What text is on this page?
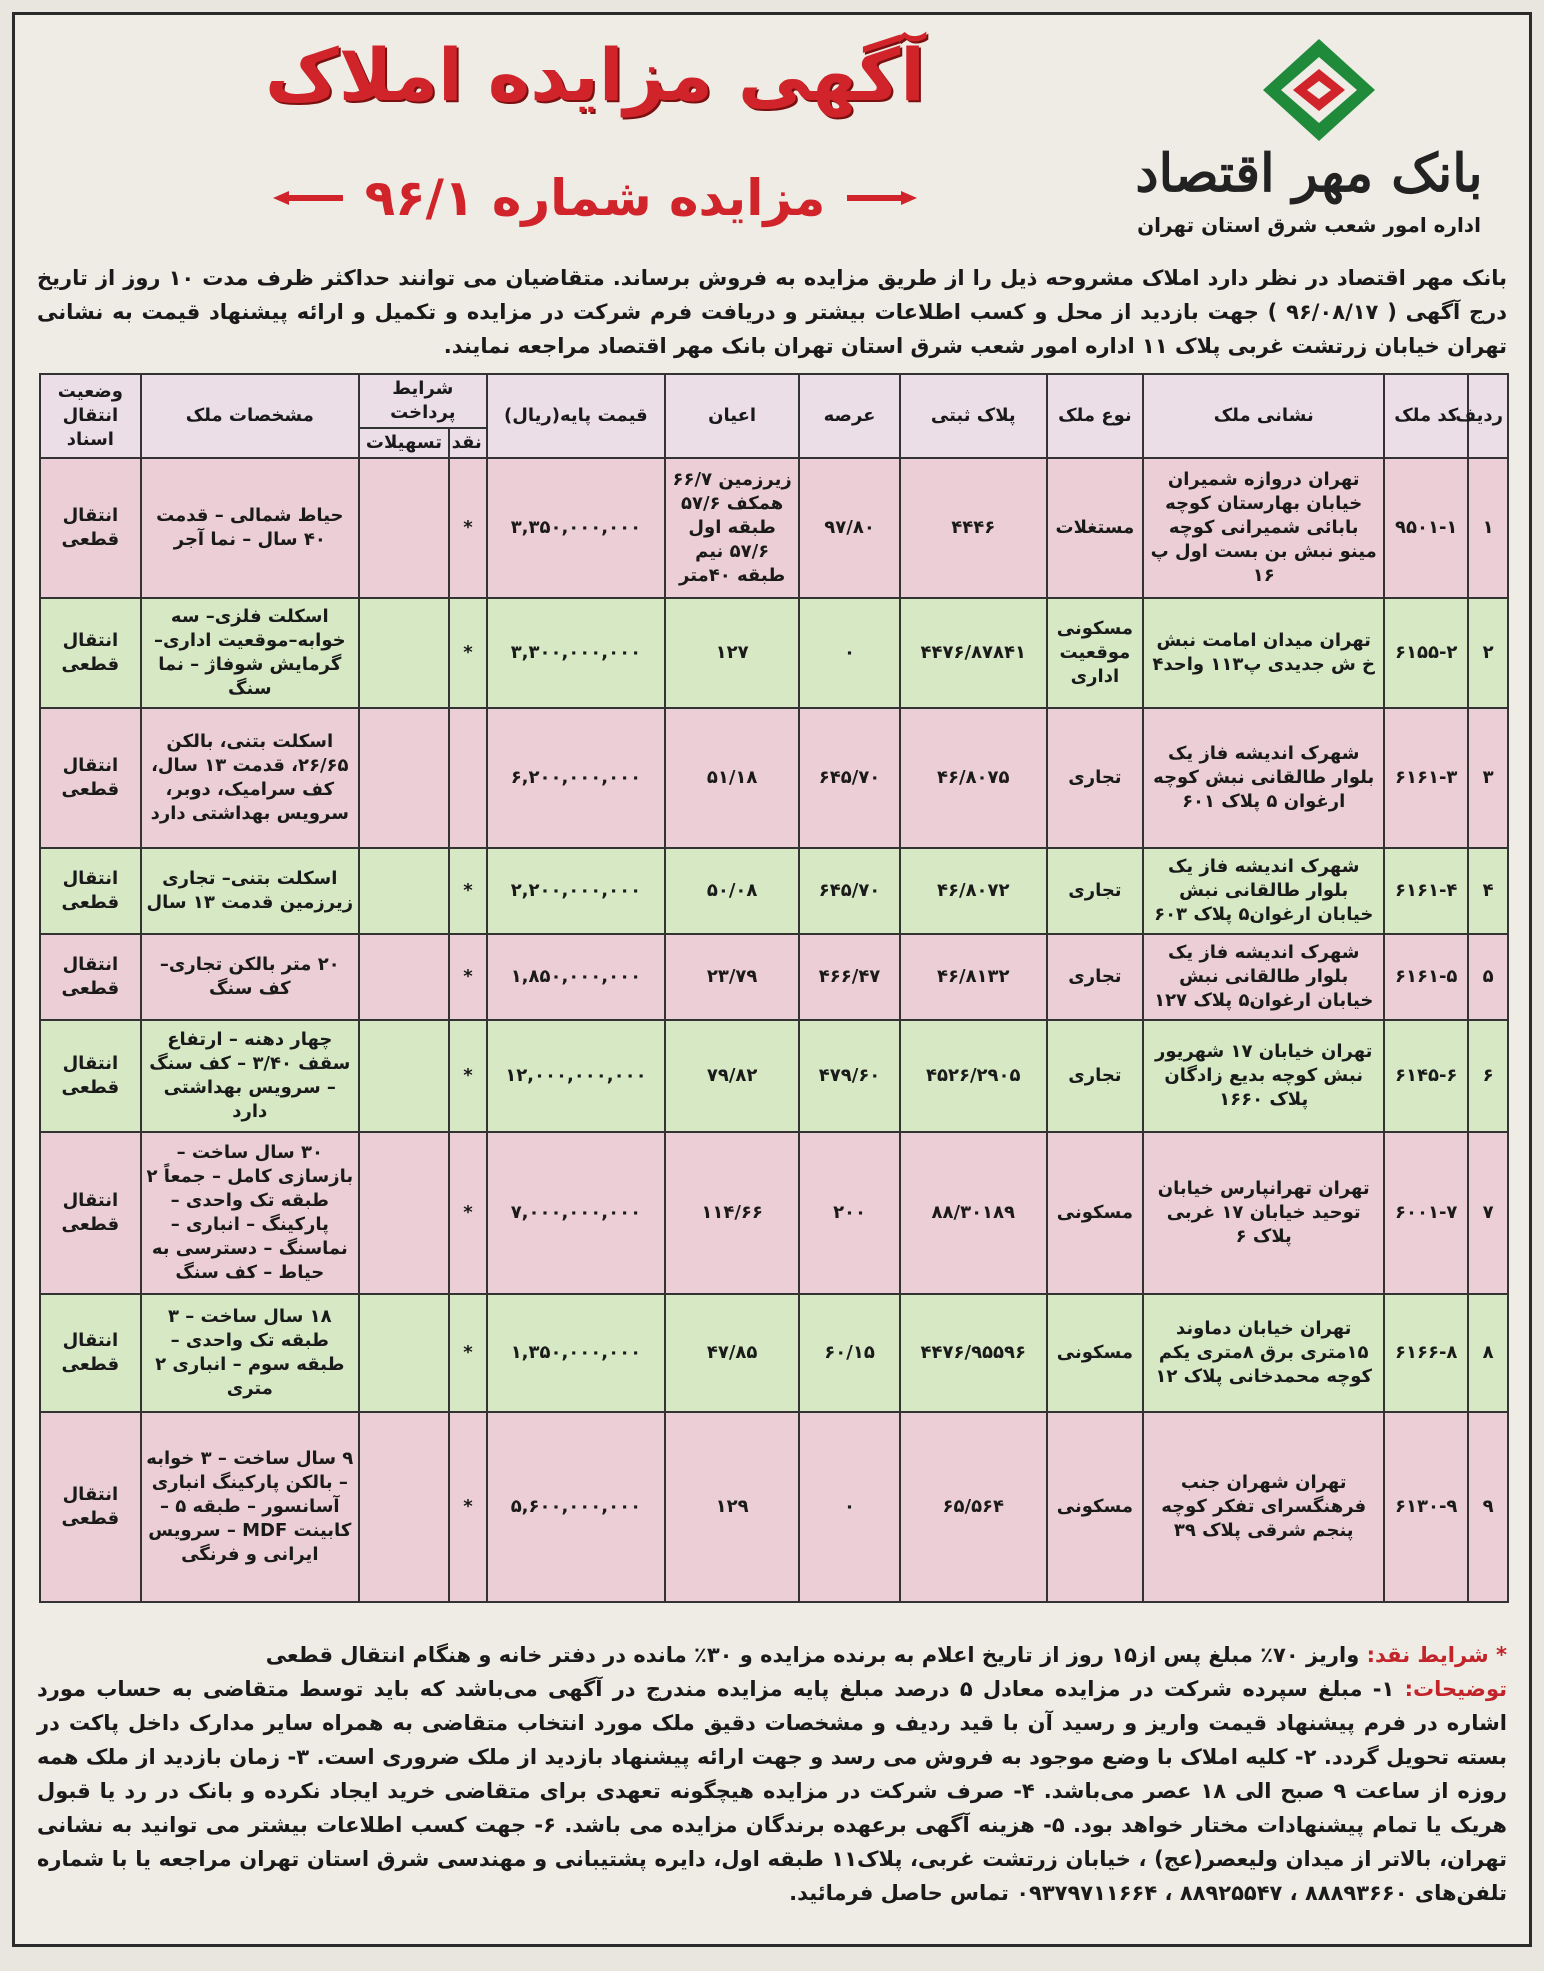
بانک مهر اقتصاد
اداره امور شعب شرق استان تهران
آگهی مزایده املاک
مزایده شماره ۹۶/۱
بانک مهر اقتصاد در نظر دارد املاک مشروحه ذیل را از طریق مزایده به فروش برساند. متقاضیان می توانند حداکثر ظرف مدت ۱۰ روز از تاریخ درج آگهی ( ۹۶/۰۸/۱۷ ) جهت بازدید از محل و کسب اطلاعات بیشتر و دریافت فرم شرکت در مزایده و تکمیل و ارائه پیشنهاد قیمت به نشانی تهران خیابان زرتشت غربی پلاک ۱۱ اداره امور شعب شرق استان تهران بانک مهر اقتصاد مراجعه نمایند.
ردیف	کد ملک	نشانی ملک	نوع ملک	پلاک ثبتی	عرصه	اعیان	قیمت پایه(ریال)	شرایط پرداخت		مشخصات ملک	وضعیت انتقال اسناد
								نقد	تسهیلات		
۱	۹۵۰۱-۱	تهران دروازه شمیران خیابان بهارستان کوچه بابائی شمیرانی کوچه مینو نبش بن بست اول پ ۱۶	مستغلات	۴۴۴۶	۹۷/۸۰	زیرزمین ۶۶/۷ همکف ۵۷/۶ طبقه اول ۵۷/۶ نیم طبقه ۴۰متر	۳,۳۵۰,۰۰۰,۰۰۰	*		حیاط شمالی – قدمت ۴۰ سال – نما آجر	انتقال قطعی
۲	۶۱۵۵-۲	تهران میدان امامت نبش خ ش جدیدی پ۱۱۳ واحد۴	مسکونی موقعیت اداری	۴۴۷۶/۸۷۸۴۱	۰	۱۲۷	۳,۳۰۰,۰۰۰,۰۰۰	*		اسکلت فلزی– سه خوابه–موقعیت اداری– گرمایش شوفاژ – نما سنگ	انتقال قطعی
۳	۶۱۶۱-۳	شهرک اندیشه فاز یک بلوار طالقانی نبش کوچه ارغوان ۵ پلاک ۶۰۱	تجاری	۴۶/۸۰۷۵	۶۴۵/۷۰	۵۱/۱۸	۶,۲۰۰,۰۰۰,۰۰۰			اسکلت بتنی، بالکن ۲۶/۶۵، قدمت ۱۳ سال، کف سرامیک، دوبر، سرویس بهداشتی دارد	انتقال قطعی
۴	۶۱۶۱-۴	شهرک اندیشه فاز یک بلوار طالقانی نبش خیابان ارغوان۵ پلاک ۶۰۳	تجاری	۴۶/۸۰۷۲	۶۴۵/۷۰	۵۰/۰۸	۲,۲۰۰,۰۰۰,۰۰۰	*		اسکلت بتنی– تجاری زیرزمین قدمت ۱۳ سال	انتقال قطعی
۵	۶۱۶۱-۵	شهرک اندیشه فاز یک بلوار طالقانی نبش خیابان ارغوان۵ پلاک ۱۲۷	تجاری	۴۶/۸۱۳۲	۴۶۶/۴۷	۲۳/۷۹	۱,۸۵۰,۰۰۰,۰۰۰	*		۲۰ متر بالکن تجاری– کف سنگ	انتقال قطعی
۶	۶۱۴۵-۶	تهران خیابان ۱۷ شهریور نبش کوچه بدیع زادگان پلاک ۱۶۶۰	تجاری	۴۵۲۶/۲۹۰۵	۴۷۹/۶۰	۷۹/۸۲	۱۲,۰۰۰,۰۰۰,۰۰۰	*		چهار دهنه – ارتفاع سقف ۳/۴۰ – کف سنگ – سرویس بهداشتی دارد	انتقال قطعی
۷	۶۰۰۱-۷	تهران تهرانپارس خیابان توحید خیابان ۱۷ غربی پلاک ۶	مسکونی	۸۸/۳۰۱۸۹	۲۰۰	۱۱۴/۶۶	۷,۰۰۰,۰۰۰,۰۰۰	*		۳۰ سال ساخت – بازسازی کامل – جمعاً ۲ طبقه تک واحدی – پارکینگ – انباری – نماسنگ – دسترسی به حیاط – کف سنگ	انتقال قطعی
۸	۶۱۶۶-۸	تهران خیابان دماوند ۱۵متری برق ۸متری یکم کوچه محمدخانی پلاک ۱۲	مسکونی	۴۴۷۶/۹۵۵۹۶	۶۰/۱۵	۴۷/۸۵	۱,۳۵۰,۰۰۰,۰۰۰	*		۱۸ سال ساخت – ۳ طبقه تک واحدی – طبقه سوم – انباری ۲ متری	انتقال قطعی
۹	۶۱۳۰-۹	تهران شهران جنب فرهنگسرای تفکر کوچه پنجم شرقی پلاک ۳۹	مسکونی	۶۵/۵۶۴	۰	۱۲۹	۵,۶۰۰,۰۰۰,۰۰۰	*		۹ سال ساخت – ۳ خوابه – بالکن پارکینگ انباری آسانسور – طبقه ۵ – کابینت MDF – سرویس ایرانی و فرنگی	انتقال قطعی
* شرایط نقد: واریز ۷۰٪ مبلغ پس از۱۵ روز از تاریخ اعلام به برنده مزایده و ۳۰٪ مانده در دفتر خانه و هنگام انتقال قطعی
توضیحات: ۱- مبلغ سپرده شرکت در مزایده معادل ۵ درصد مبلغ پایه مزایده مندرج در آگهی می‌باشد که باید توسط متقاضی به حساب مورد اشاره در فرم پیشنهاد قیمت واریز و رسید آن با قید ردیف و مشخصات دقیق ملک مورد انتخاب متقاضی به همراه سایر مدارک داخل پاکت در بسته تحویل گردد. ۲- کلیه املاک با وضع موجود به فروش می رسد و جهت ارائه پیشنهاد بازدید از ملک ضروری است. ۳- زمان بازدید از ملک همه روزه از ساعت ۹ صبح الی ۱۸ عصر می‌باشد. ۴- صرف شرکت در مزایده هیچگونه تعهدی برای متقاضی خرید ایجاد نکرده و بانک در رد یا قبول هریک یا تمام پیشنهادات مختار خواهد بود. ۵- هزینه آگهی برعهده برندگان مزایده می باشد. ۶- جهت کسب اطلاعات بیشتر می توانید به نشانی تهران، بالاتر از میدان ولیعصر(عج) ، خیابان زرتشت غربی، پلاک۱۱ طبقه اول، دایره پشتیبانی و مهندسی شرق استان تهران مراجعه یا با شماره تلفن‌های ۸۸۸۹۳۶۶۰ ، ۸۸۹۲۵۵۴۷ ، ۰۹۳۷۹۷۱۱۶۶۴ تماس حاصل فرمائید.
